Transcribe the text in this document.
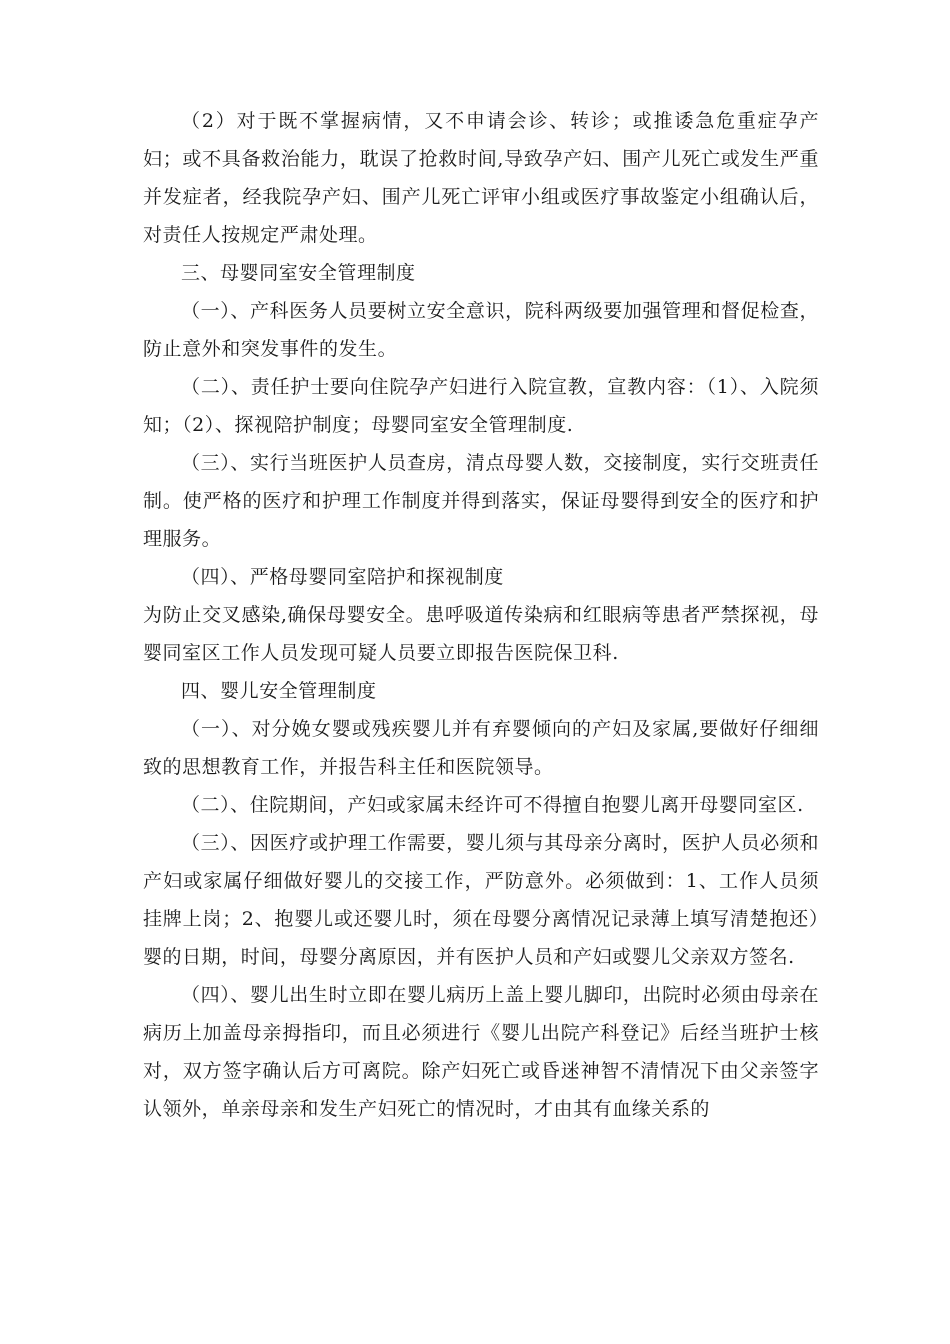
（2）对于既不掌握病情，又不申请会诊、转诊；或推诿急危重症孕产妇；或不具备救治能力，耽误了抢救时间,导致孕产妇、围产儿死亡或发生严重并发症者，经我院孕产妇、围产儿死亡评审小组或医疗事故鉴定小组确认后，对责任人按规定严肃处理。

三、母婴同室安全管理制度

（一）、产科医务人员要树立安全意识，院科两级要加强管理和督促检查，防止意外和突发事件的发生。

（二）、责任护士要向住院孕产妇进行入院宣教，宣教内容：（1）、入院须知；（2）、探视陪护制度；母婴同室安全管理制度.

（三）、实行当班医护人员查房，清点母婴人数，交接制度，实行交班责任制。使严格的医疗和护理工作制度并得到落实，保证母婴得到安全的医疗和护理服务。

（四）、严格母婴同室陪护和探视制度

为防止交叉感染,确保母婴安全。患呼吸道传染病和红眼病等患者严禁探视，母婴同室区工作人员发现可疑人员要立即报告医院保卫科.

四、婴儿安全管理制度

（一）、对分娩女婴或残疾婴儿并有弃婴倾向的产妇及家属,要做好仔细细致的思想教育工作，并报告科主任和医院领导。

（二）、住院期间，产妇或家属未经许可不得擅自抱婴儿离开母婴同室区.

（三）、因医疗或护理工作需要，婴儿须与其母亲分离时，医护人员必须和产妇或家属仔细做好婴儿的交接工作，严防意外。必须做到：1、工作人员须挂牌上岗；2、抱婴儿或还婴儿时，须在母婴分离情况记录薄上填写清楚抱还）婴的日期，时间，母婴分离原因，并有医护人员和产妇或婴儿父亲双方签名.

（四）、婴儿出生时立即在婴儿病历上盖上婴儿脚印，出院时必须由母亲在病历上加盖母亲拇指印，而且必须进行《婴儿出院产科登记》后经当班护士核对，双方签字确认后方可离院。除产妇死亡或昏迷神智不清情况下由父亲签字认领外，单亲母亲和发生产妇死亡的情况时，才由其有血缘关系的
